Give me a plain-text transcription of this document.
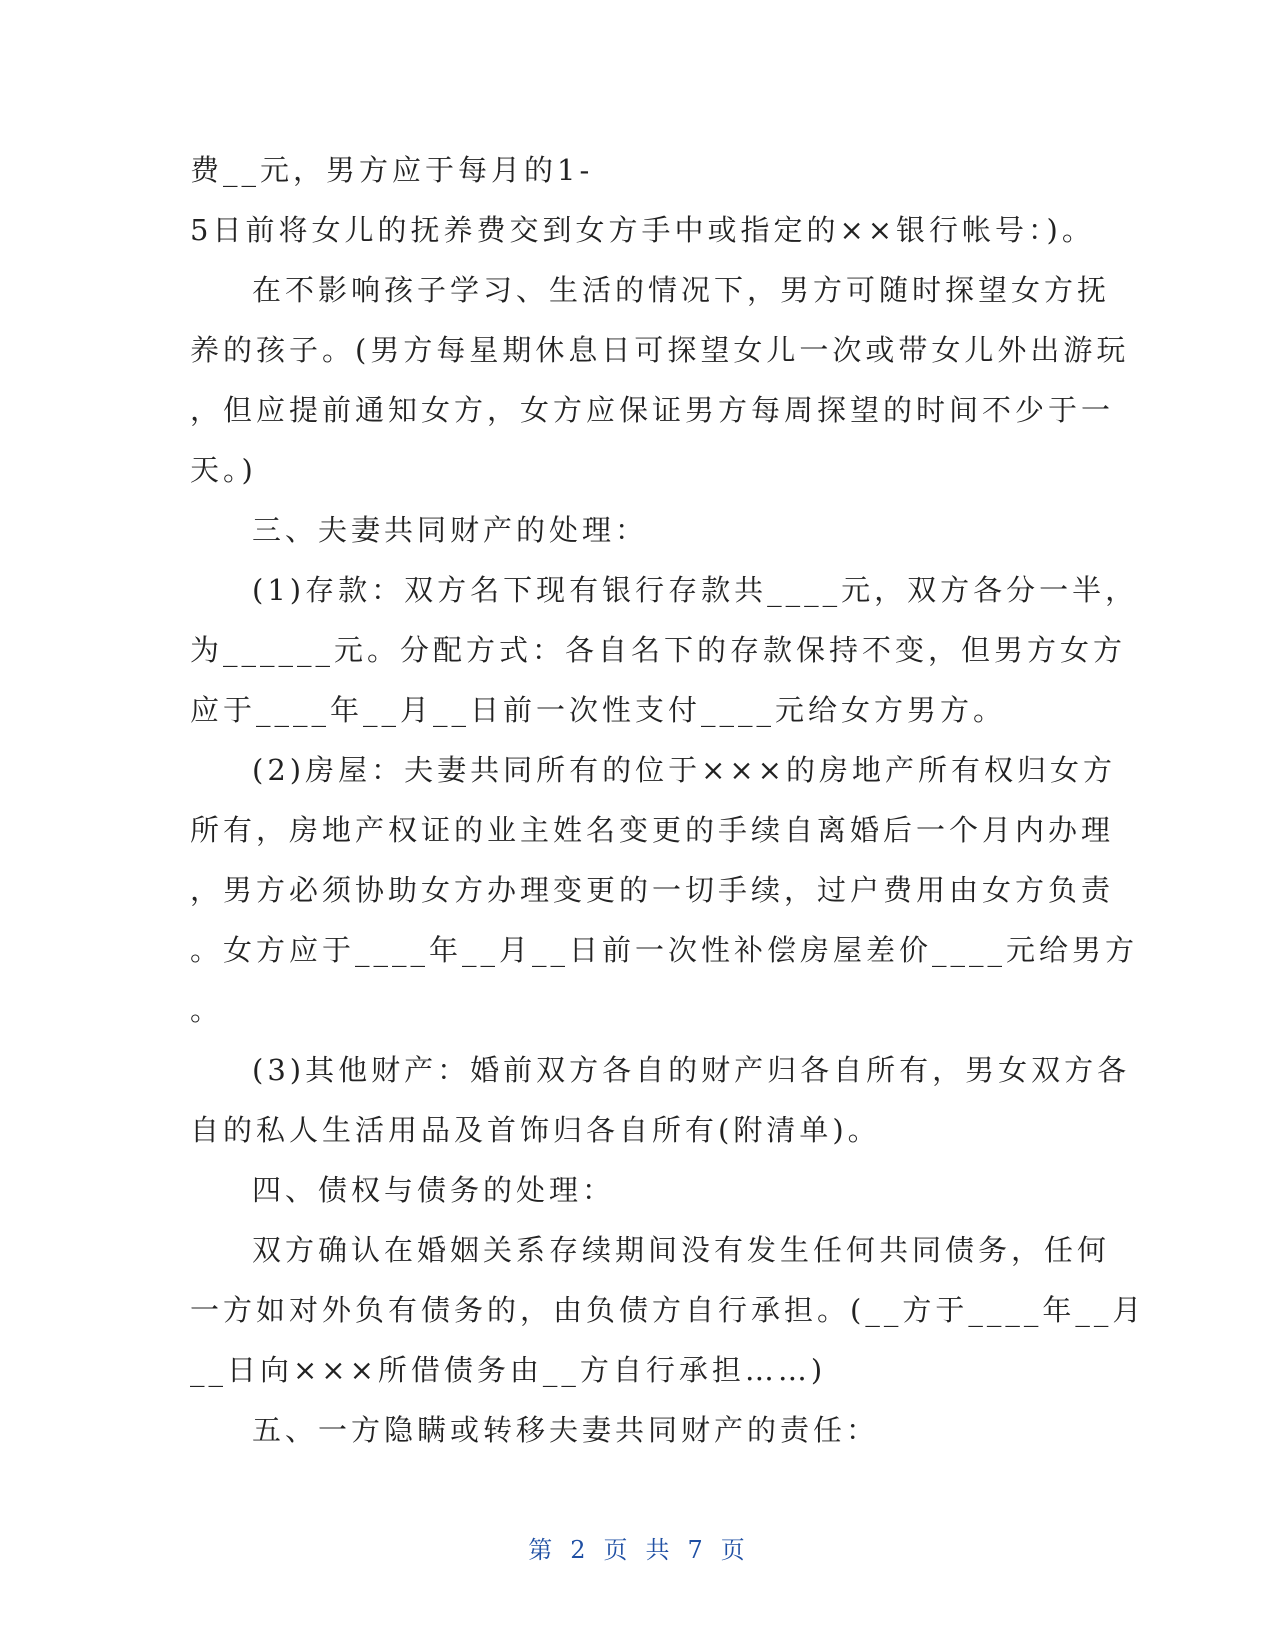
费__元，男方应于每月的1-
5日前将女儿的抚养费交到女方手中或指定的××银行帐号：)。
在不影响孩子学习、生活的情况下，男方可随时探望女方抚
养的孩子。(男方每星期休息日可探望女儿一次或带女儿外出游玩
，但应提前通知女方，女方应保证男方每周探望的时间不少于一
天。)
三、夫妻共同财产的处理：
(1)存款：双方名下现有银行存款共____元，双方各分一半，
为______元。分配方式：各自名下的存款保持不变，但男方女方
应于____年__月__日前一次性支付____元给女方男方。
(2)房屋：夫妻共同所有的位于×××的房地产所有权归女方
所有，房地产权证的业主姓名变更的手续自离婚后一个月内办理
，男方必须协助女方办理变更的一切手续，过户费用由女方负责
。女方应于____年__月__日前一次性补偿房屋差价____元给男方
。
(3)其他财产：婚前双方各自的财产归各自所有，男女双方各
自的私人生活用品及首饰归各自所有(附清单)。
四、债权与债务的处理：
双方确认在婚姻关系存续期间没有发生任何共同债务，任何
一方如对外负有债务的，由负债方自行承担。(__方于____年__月
__日向×××所借债务由__方自行承担……)
五、一方隐瞒或转移夫妻共同财产的责任：
第 2 页 共 7 页
